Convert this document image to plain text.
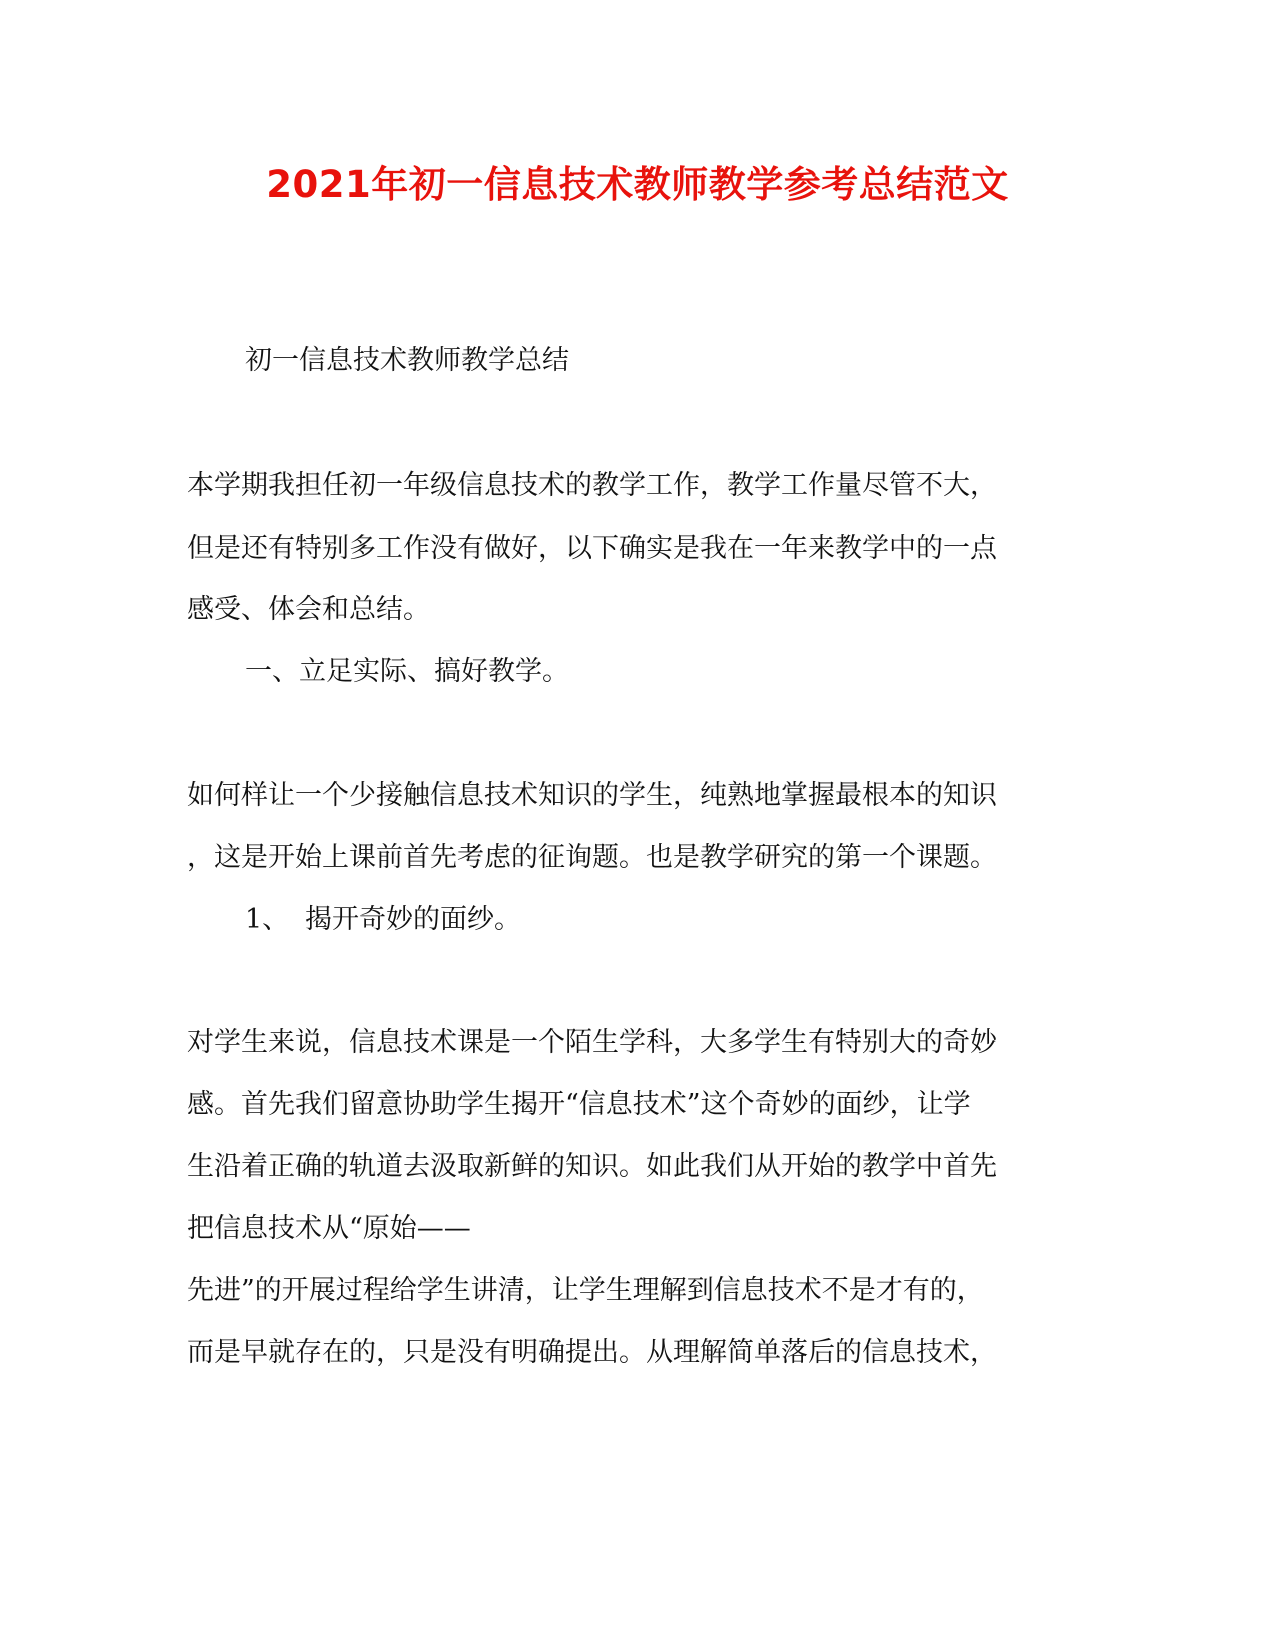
2021年初一信息技术教师教学参考总结范文
初一信息技术教师教学总结
本学期我担任初一年级信息技术的教学工作，教学工作量尽管不大，
但是还有特别多工作没有做好，以下确实是我在一年来教学中的一点
感受、体会和总结。
一、立足实际、搞好教学。
如何样让一个少接触信息技术知识的学生，纯熟地掌握最根本的知识
，这是开始上课前首先考虑的征询题。也是教学研究的第一个课题。
1、 揭开奇妙的面纱。
对学生来说，信息技术课是一个陌生学科，大多学生有特别大的奇妙
感。首先我们留意协助学生揭开“信息技术”这个奇妙的面纱，让学
生沿着正确的轨道去汲取新鲜的知识。如此我们从开始的教学中首先
把信息技术从“原始——
先进”的开展过程给学生讲清，让学生理解到信息技术不是才有的，
而是早就存在的，只是没有明确提出。从理解简单落后的信息技术，
